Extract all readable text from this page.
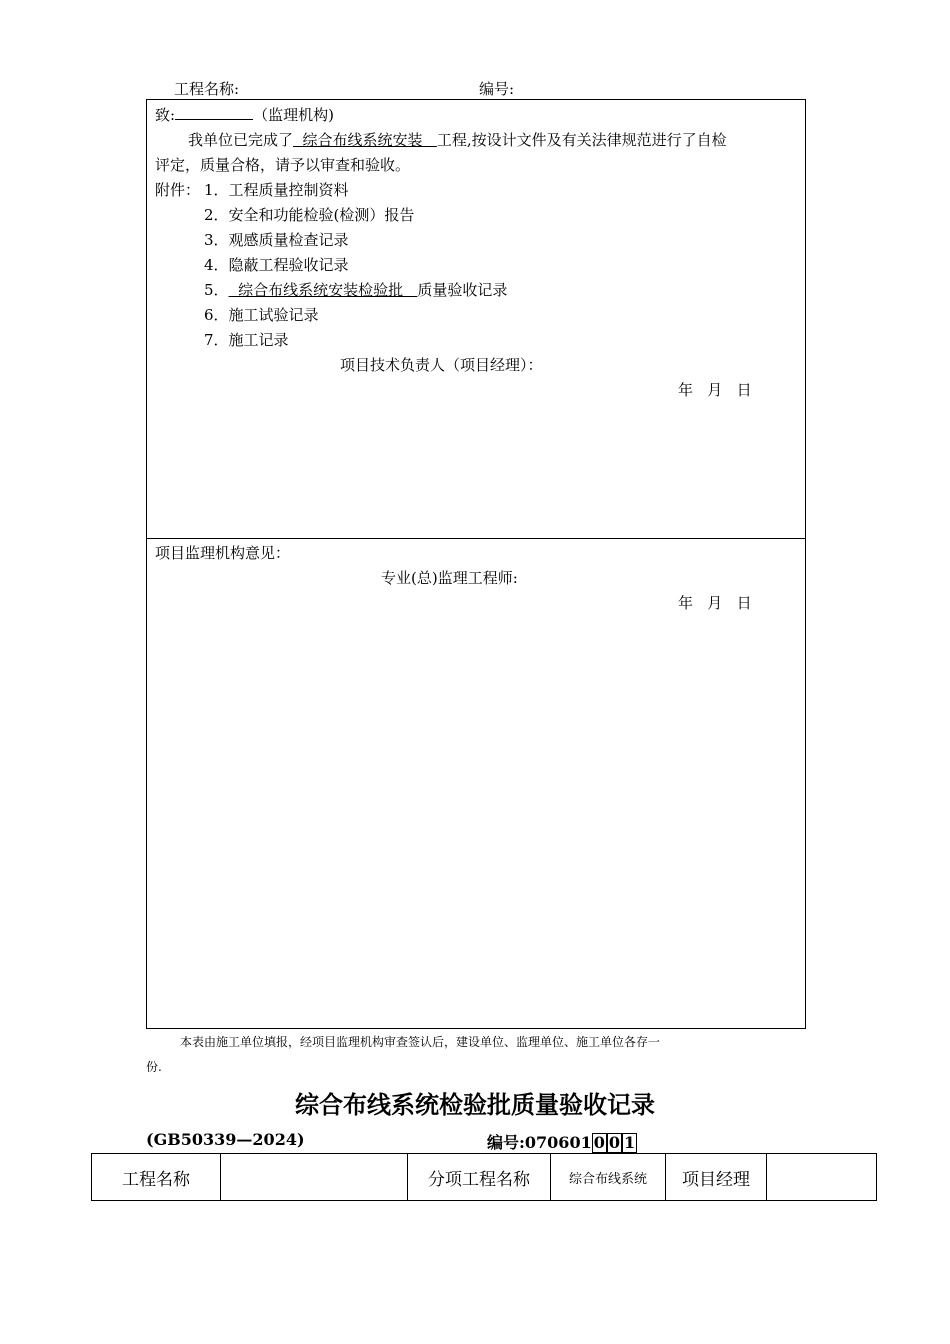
工程名称:	编号:
致:	（监理机构)
我单位已完成了  综合布线系统安装   工程,按设计文件及有关法律规范进行了自检
评定，质量合格，请予以审查和验收。
附件： 1．工程质量控制资料
2．安全和功能检验(检测）报告
3．观感质量检查记录
4．隐蔽工程验收记录
5．  综合布线系统安装检验批   质量验收记录
6．施工试验记录
7．施工记录
项目技术负责人（项目经理）：
年   月   日
项目监理机构意见：
专业(总)监理工程师:
年   月   日
本表由施工单位填报，经项目监理机构审查签认后，建设单位、监理单位、施工单位各存一
份.
综合布线系统检验批质量验收记录
(GB50339—2024)	编号:070601 0 0 1
工程名称		分项工程名称	综合布线系统	项目经理	
